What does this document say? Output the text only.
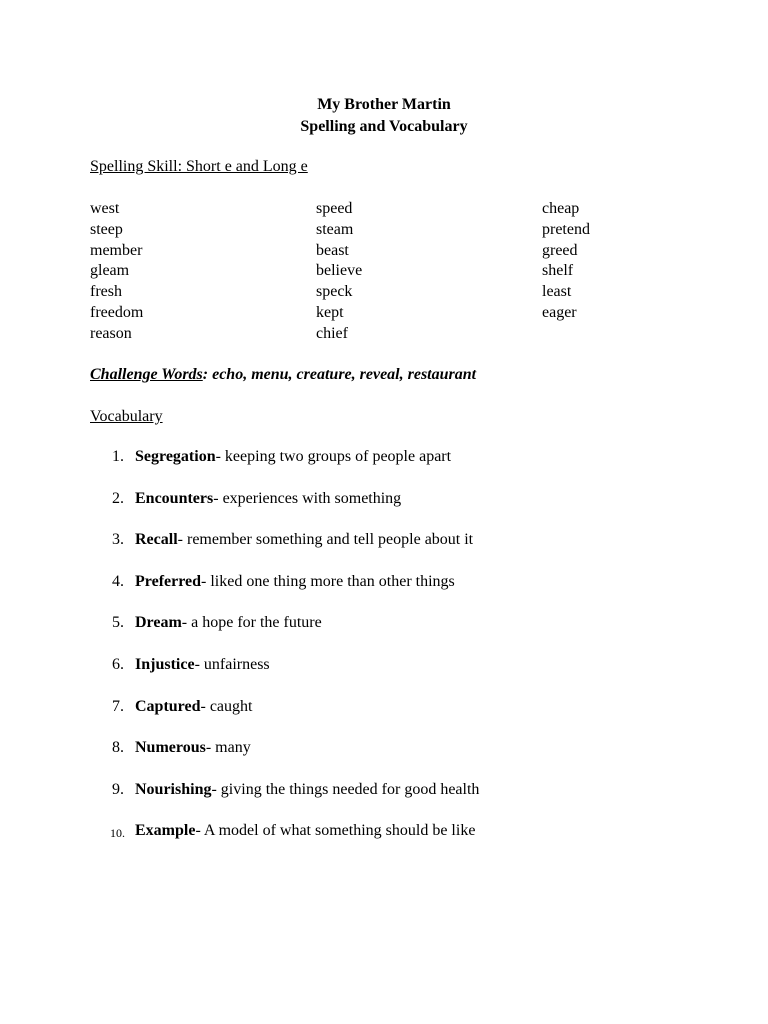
My Brother Martin
Spelling and Vocabulary
Spelling Skill: Short e and Long e
west
steep
member
gleam
fresh
freedom
reason
speed
steam
beast
believe
speck
kept
chief
cheap
pretend
greed
shelf
least
eager
Challenge Words: echo, menu, creature, reveal, restaurant
Vocabulary
1. Segregation- keeping two groups of people apart
2. Encounters- experiences with something
3. Recall- remember something and tell people about it
4. Preferred- liked one thing more than other things
5. Dream- a hope for the future
6. Injustice- unfairness
7. Captured- caught
8. Numerous- many
9. Nourishing- giving the things needed for good health
10. Example- A model of what something should be like
